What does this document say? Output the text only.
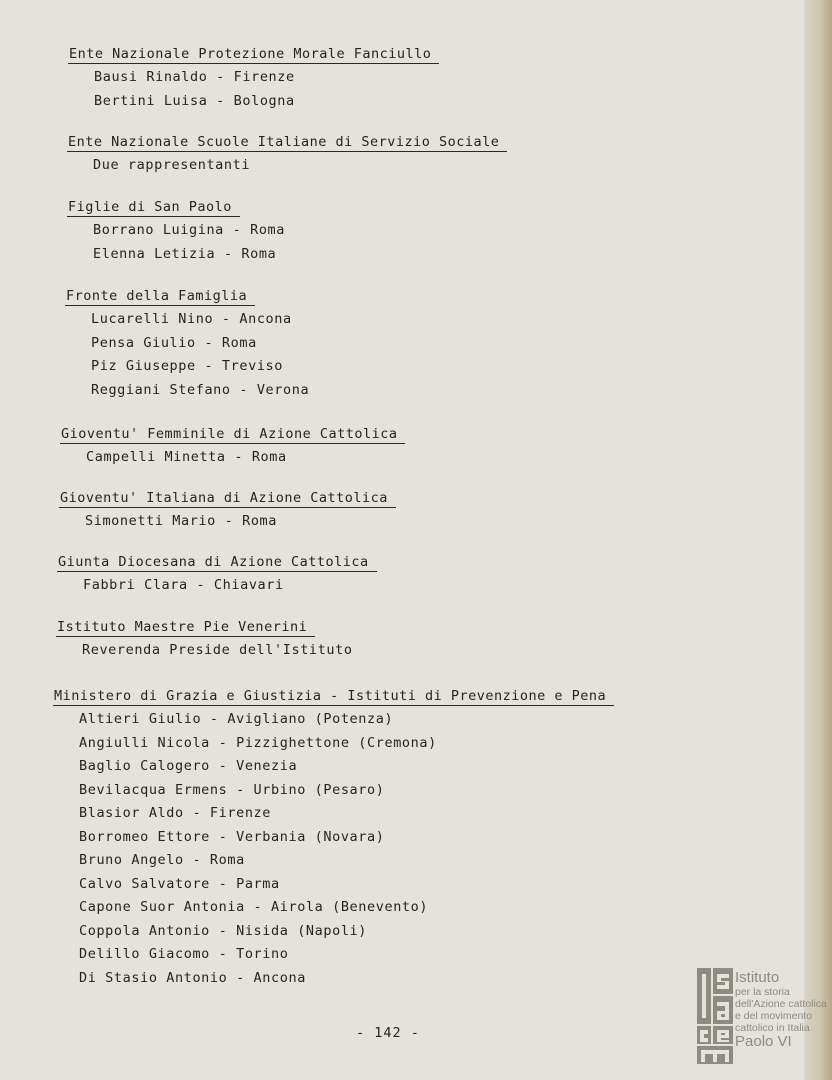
Ente Nazionale Protezione Morale Fanciullo
Bausi Rinaldo - Firenze
Bertini Luisa - Bologna
Ente Nazionale Scuole Italiane di Servizio Sociale
Due rappresentanti
Figlie di San Paolo
Borrano Luigina - Roma
Elenna Letizia - Roma
Fronte della Famiglia
Lucarelli Nino - Ancona
Pensa Giulio - Roma
Piz Giuseppe - Treviso
Reggiani Stefano - Verona
Gioventu' Femminile di Azione Cattolica
Campelli Minetta - Roma
Gioventu' Italiana di Azione Cattolica
Simonetti Mario - Roma
Giunta Diocesana di Azione Cattolica
Fabbri Clara - Chiavari
Istituto Maestre Pie Venerini
Reverenda Preside dell'Istituto
Ministero di Grazia e Giustizia - Istituti di Prevenzione e Pena
Altieri Giulio - Avigliano (Potenza)
Angiulli Nicola - Pizzighettone (Cremona)
Baglio Calogero - Venezia
Bevilacqua Ermens - Urbino (Pesaro)
Blasior Aldo - Firenze
Borromeo Ettore - Verbania (Novara)
Bruno Angelo - Roma
Calvo Salvatore - Parma
Capone Suor Antonia - Airola (Benevento)
Coppola Antonio - Nisida (Napoli)
Delillo Giacomo - Torino
Di Stasio Antonio - Ancona
- 142 -
Istituto
per la storia
dell'Azione cattolica
e del movimento
cattolico in Italia
Paolo VI
